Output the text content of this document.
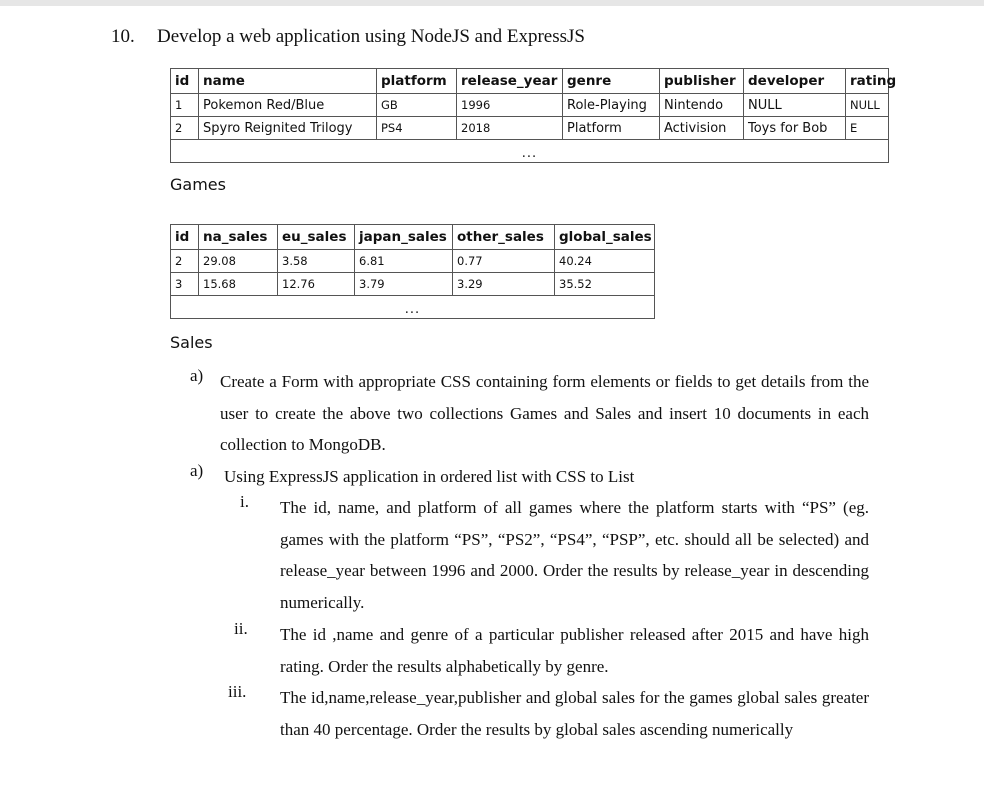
10. Develop a web application using NodeJS and ExpressJS
id	name	platform	release_year	genre	publisher	developer	rating
1	Pokemon Red/Blue	GB	1996	Role-Playing	Nintendo	NULL	NULL
2	Spyro Reignited Trilogy	PS4	2018	Platform	Activision	Toys for Bob	E
...							
Games
id	na_sales	eu_sales	japan_sales	other_sales	global_sales
2	29.08	3.58	6.81	0.77	40.24
3	15.68	12.76	3.79	3.29	35.52
...					
Sales
a) Create a Form with appropriate CSS containing form elements or fields to get details from the user to create the above two collections Games and Sales and insert 10 documents in each collection to MongoDB.
a) Using ExpressJS application in ordered list with CSS to List
i. The id, name, and platform of all games where the platform starts with “PS” (eg. games with the platform “PS”, “PS2”, “PS4”, “PSP”, etc. should all be selected) and release_year between 1996 and 2000. Order the results by release_year in descending numerically.
ii. The id ,name and genre of a particular publisher released after 2015 and have high rating. Order the results alphabetically by genre.
iii. The id,name,release_year,publisher and global sales for the games global sales greater than 40 percentage. Order the results by global sales ascending numerically
